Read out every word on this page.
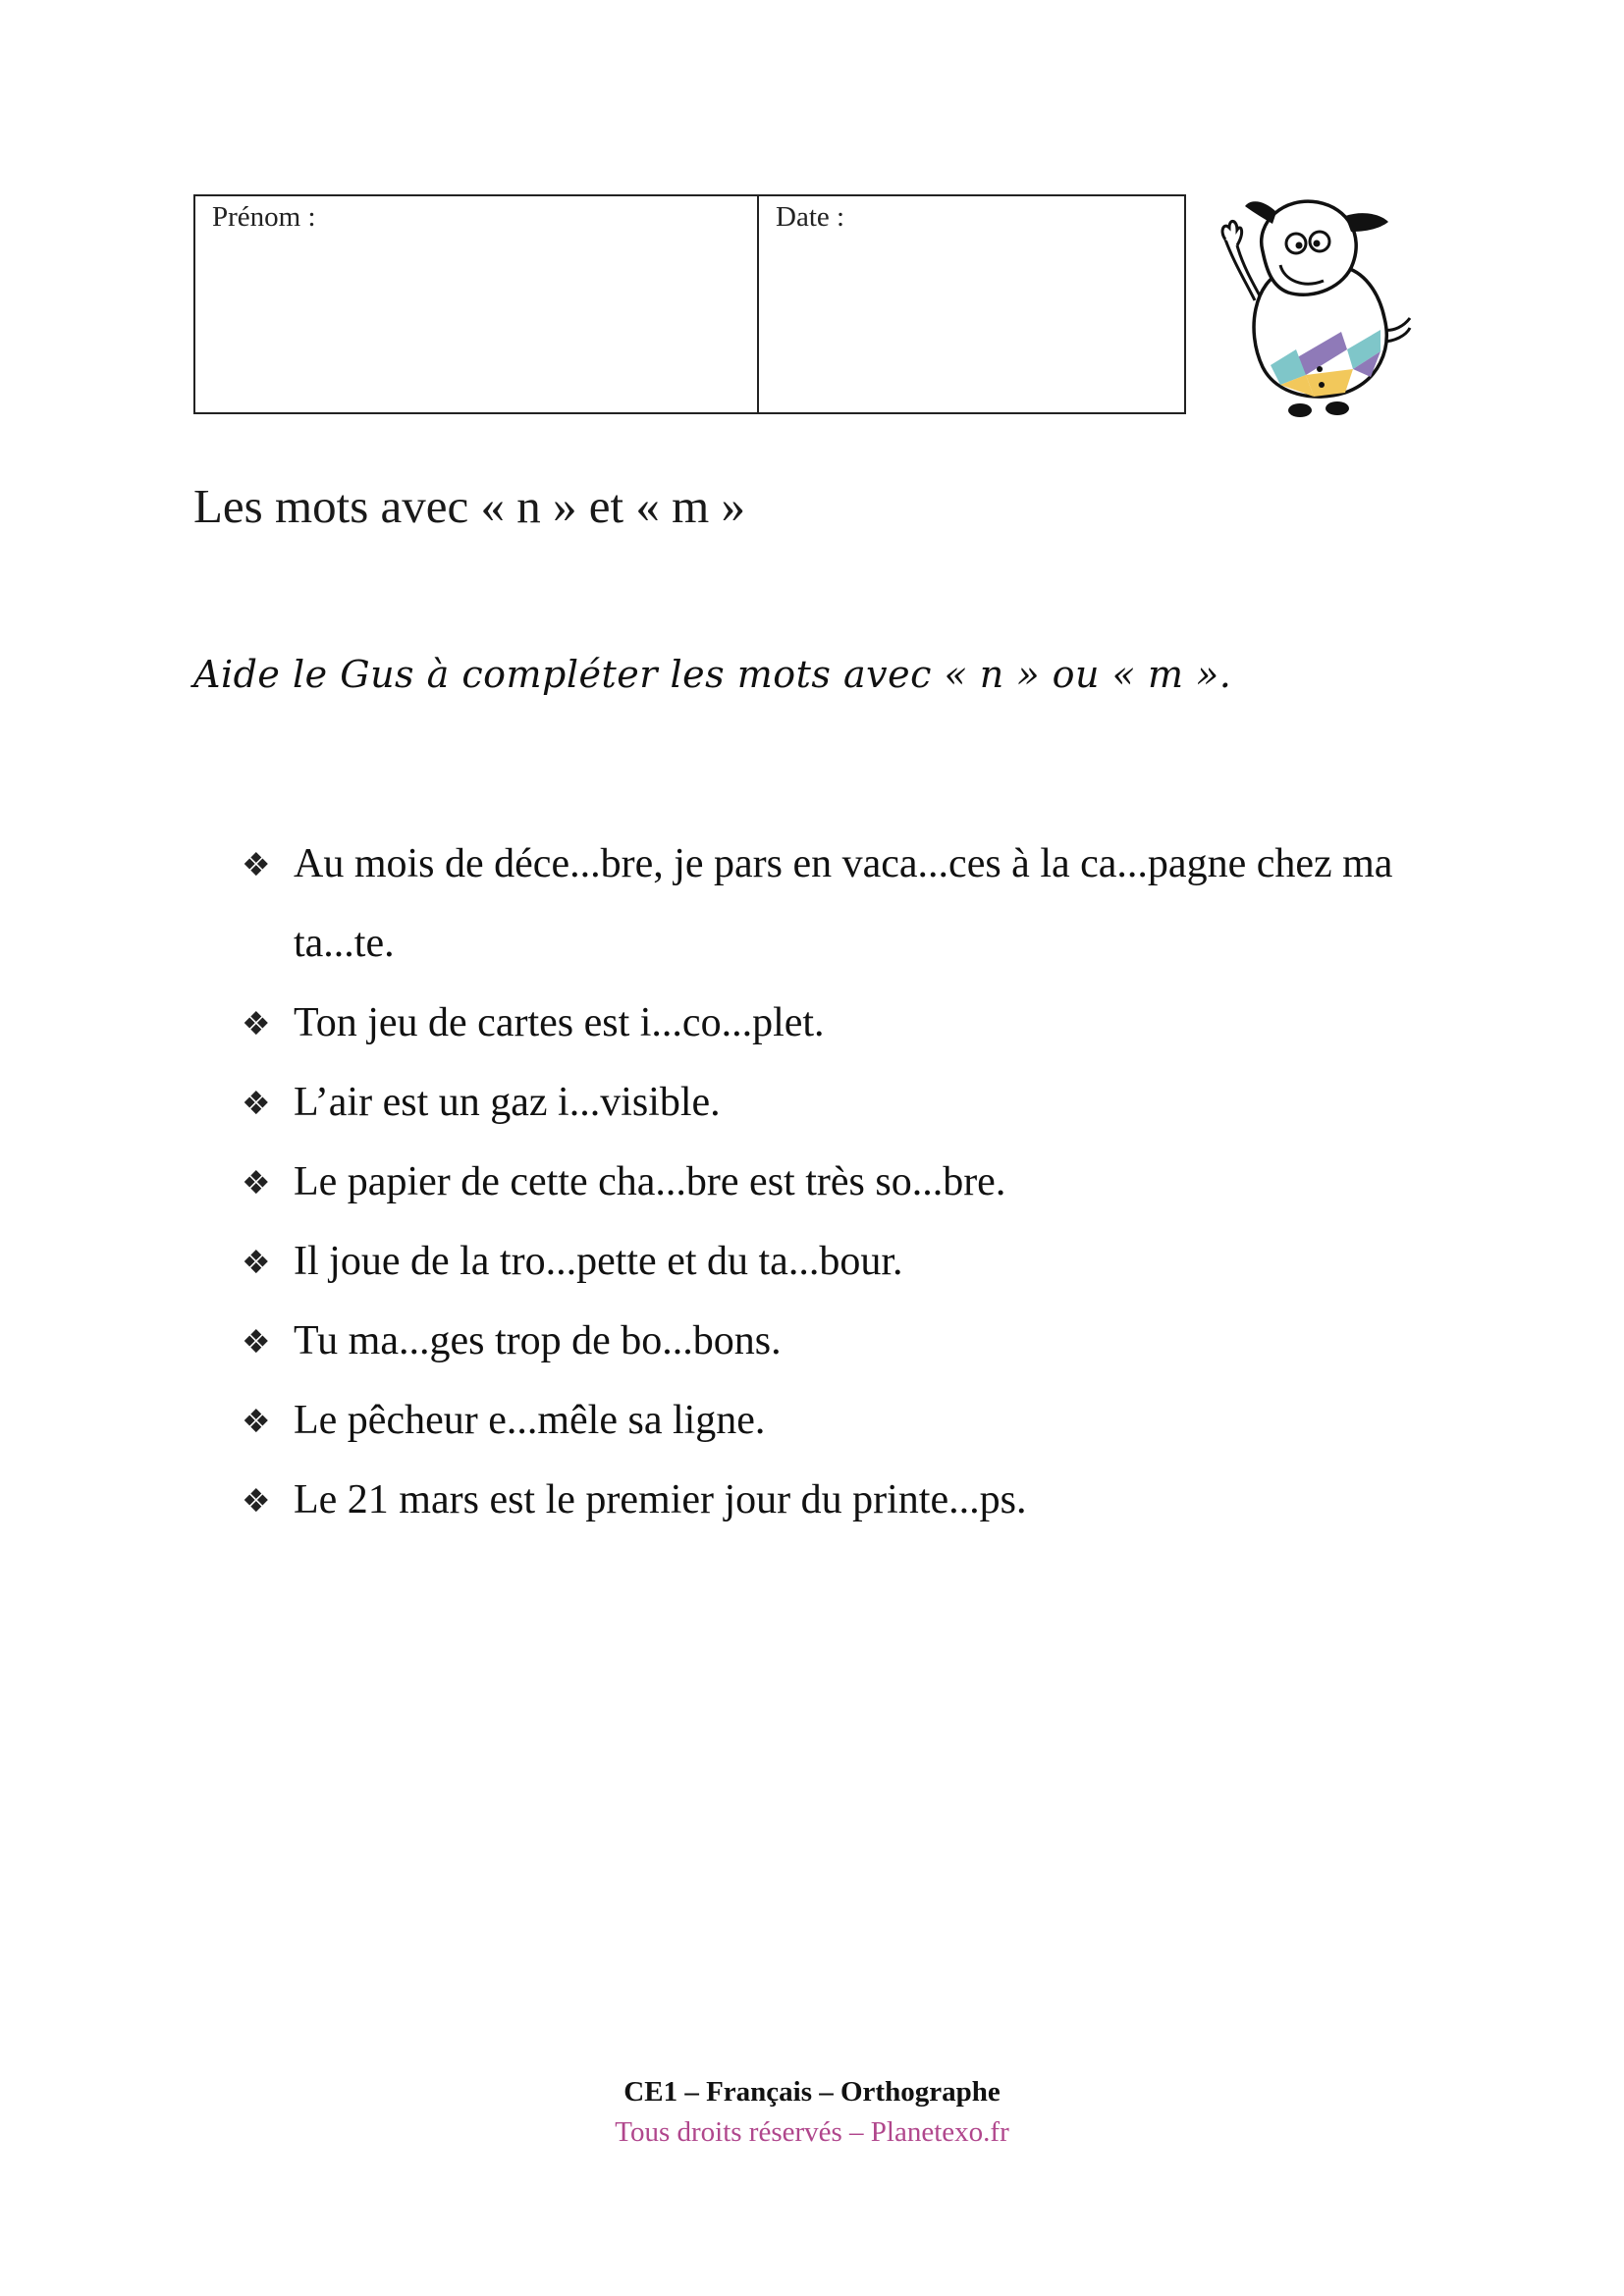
Prénom :	Date :
Les mots avec « n » et « m »
Aide le Gus à compléter les mots avec « n » ou « m ».
❖ Au mois de déce...bre, je pars en vaca...ces à la ca...pagne chez ma ta...te.
❖ Ton jeu de cartes est i...co...plet.
❖ L’air est un gaz i...visible.
❖ Le papier de cette cha...bre est très so...bre.
❖ Il joue de la tro...pette et du ta...bour.
❖ Tu ma...ges trop de bo...bons.
❖ Le pêcheur e...mêle sa ligne.
❖ Le 21 mars est le premier jour du printe...ps.
CE1 – Français – Orthographe
Tous droits réservés – Planetexo.fr
